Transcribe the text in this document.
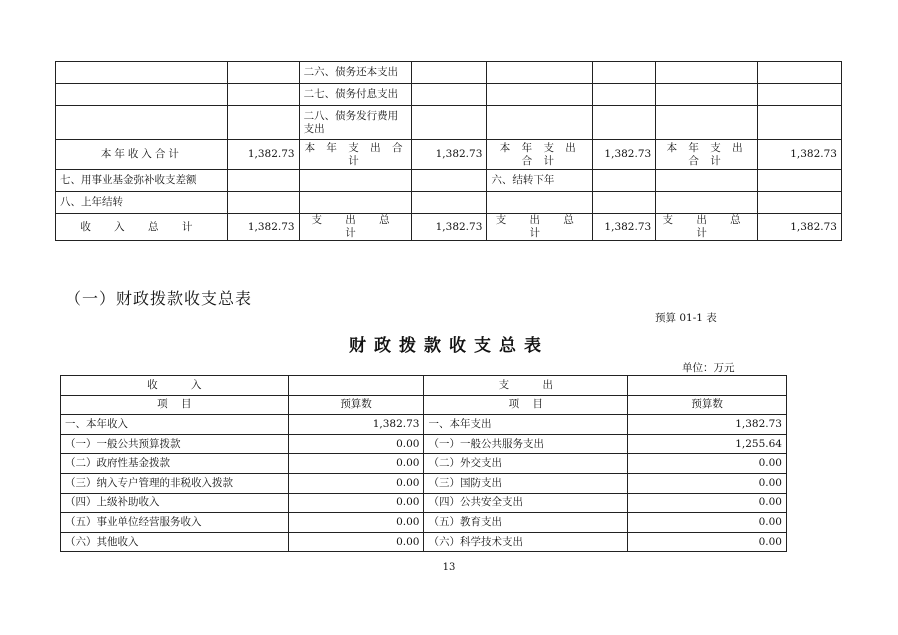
		二六、债务还本支出					
		二七、债务付息支出					
		二八、债务发行费用支出					
本年收入合计	1,382.73	本 年 支 出 合 计	1,382.73	本 年 支 出 合 计	1,382.73	本 年 支 出 合 计	1,382.73
七、用事业基金弥补收支差额				六、结转下年			
八、上年结转							
收 入 总 计	1,382.73	支 出 总 计	1,382.73	支 出 总 计	1,382.73	支 出 总 计	1,382.73
（一）财政拨款收支总表
预算 01-1 表
财政拨款收支总表
单位：万元
收          入		支          出	
项    目	预算数	项    目	预算数
一、本年收入	1,382.73	一、本年支出	1,382.73
（一）一般公共预算拨款	0.00	（一）一般公共服务支出	1,255.64
（二）政府性基金拨款	0.00	（二）外交支出	0.00
（三）纳入专户管理的非税收入拨款	0.00	（三）国防支出	0.00
（四）上级补助收入	0.00	（四）公共安全支出	0.00
（五）事业单位经营服务收入	0.00	（五）教育支出	0.00
（六）其他收入	0.00	（六）科学技术支出	0.00
13
